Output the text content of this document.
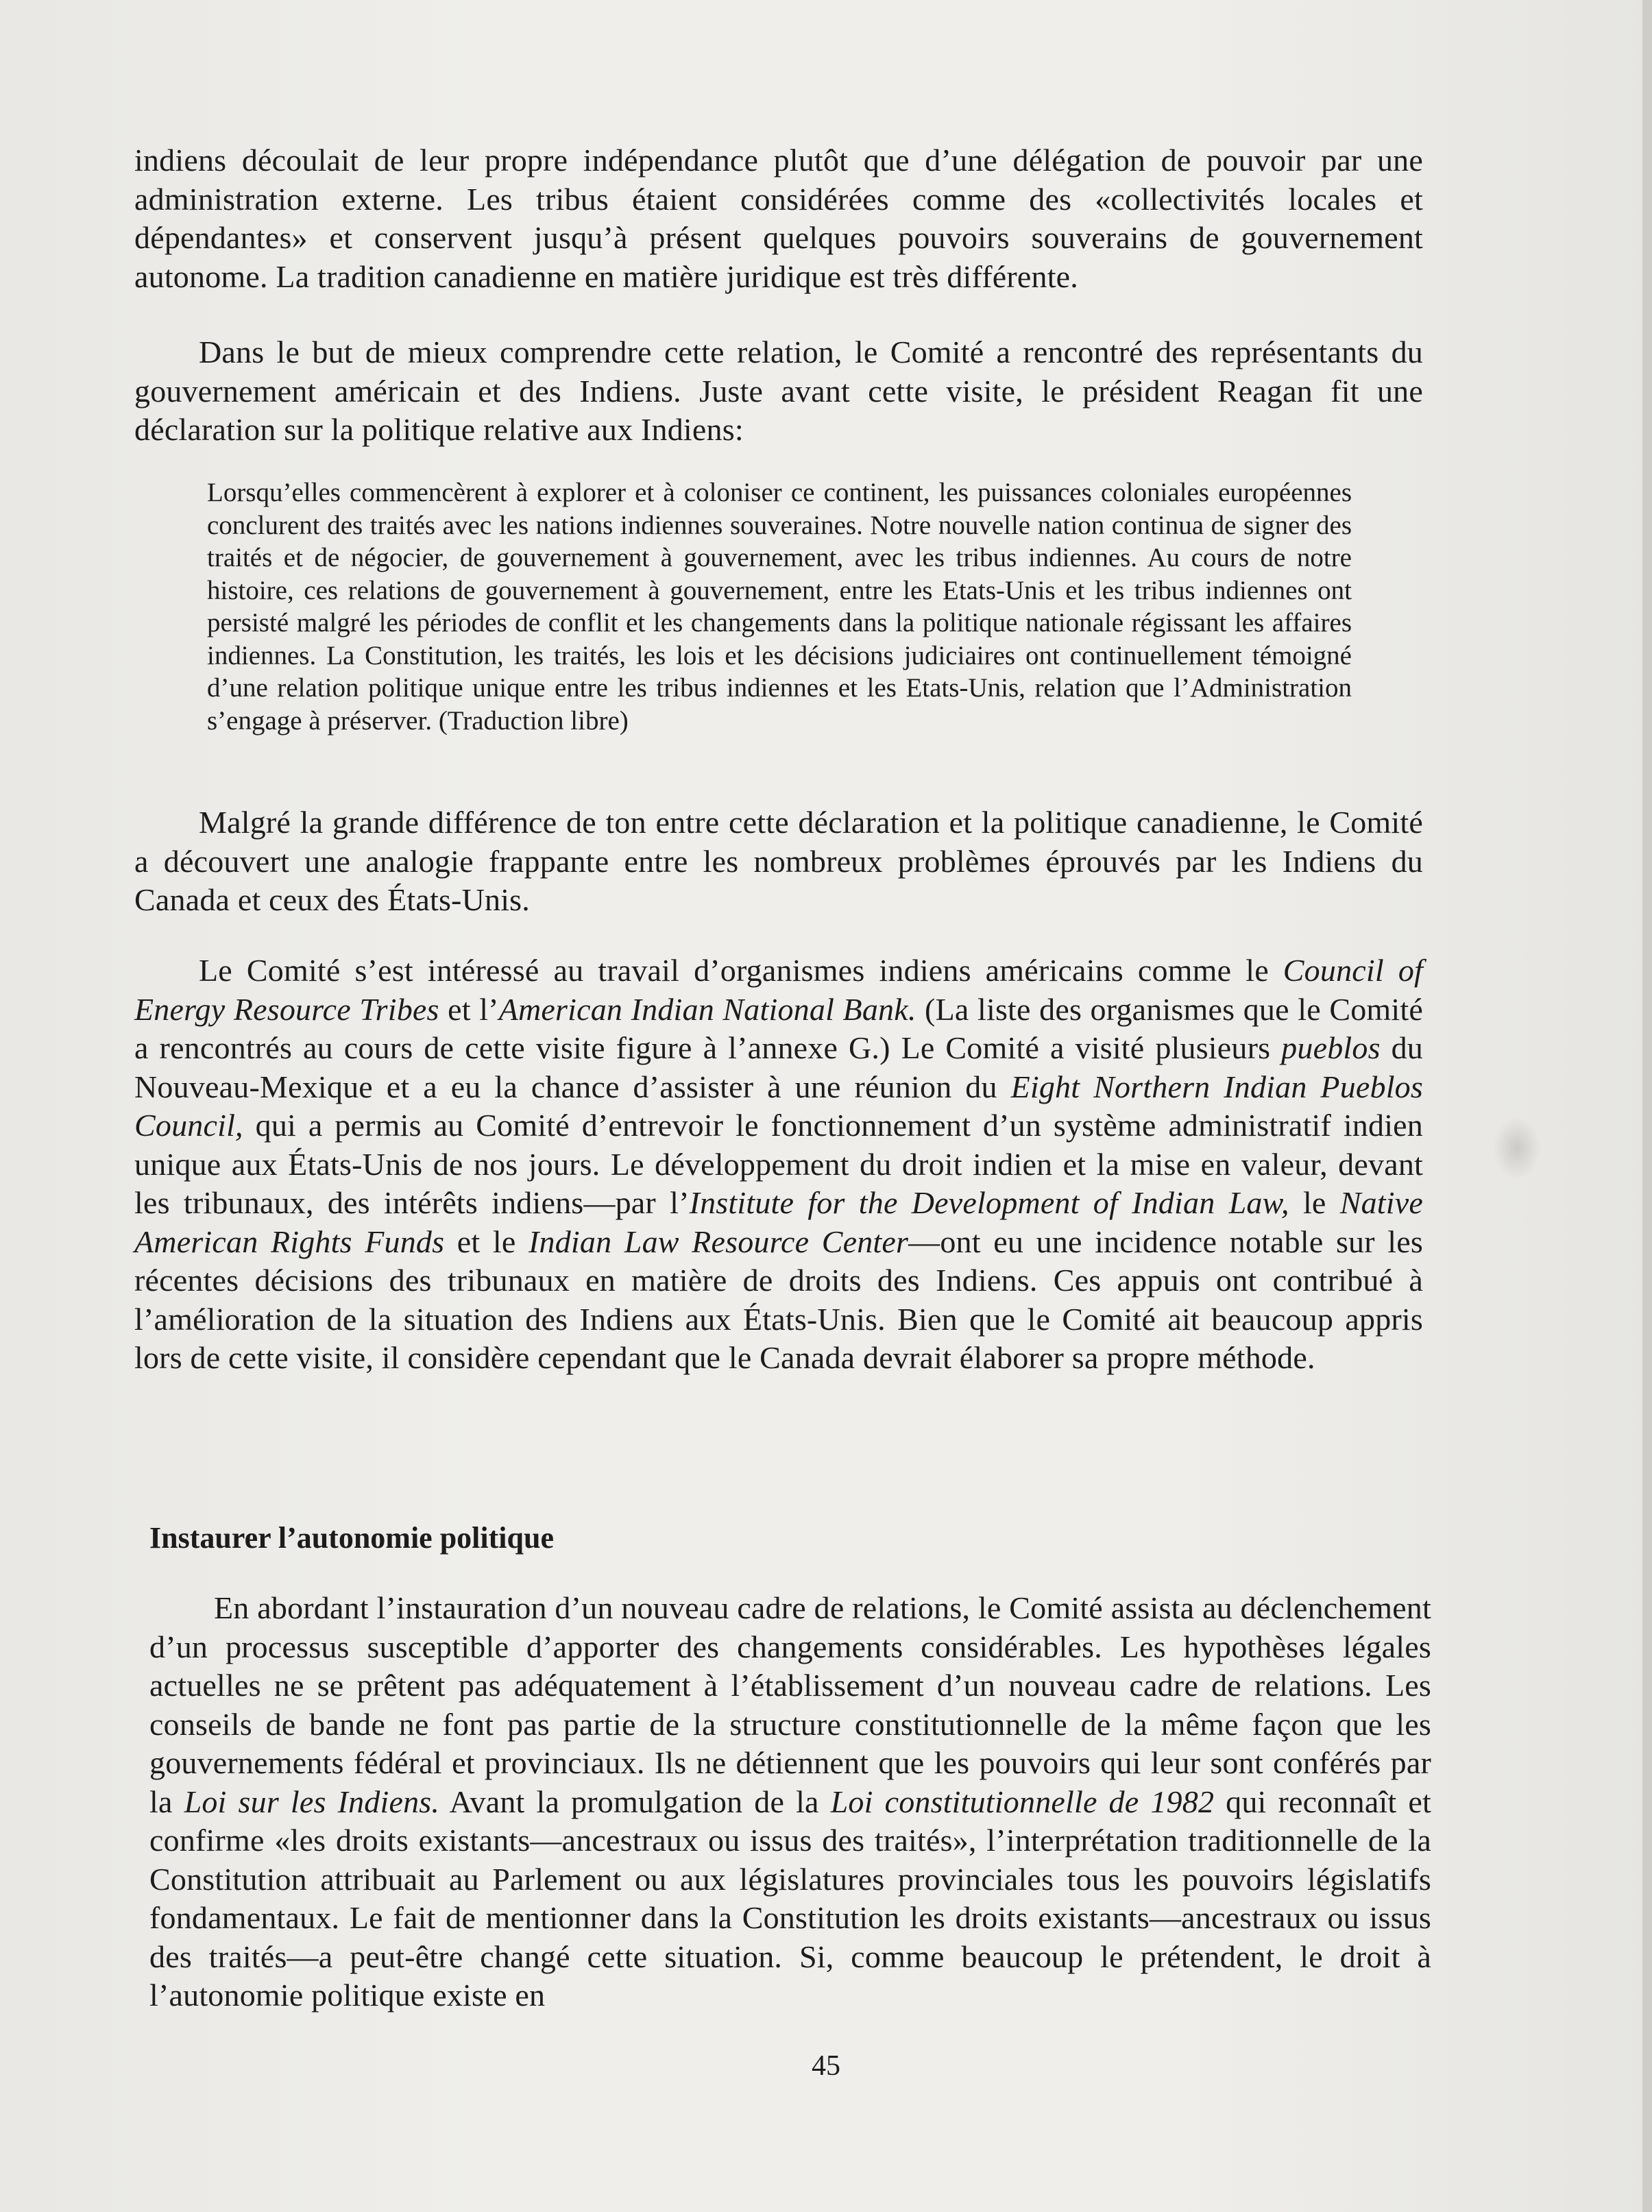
indiens découlait de leur propre indépendance plutôt que d’une délégation de pouvoir par une administration externe. Les tribus étaient considérées comme des «collectivités locales et dépendantes» et conservent jusqu’à présent quelques pouvoirs souverains de gouvernement autonome. La tradition canadienne en matière juridique est très différente.

Dans le but de mieux comprendre cette relation, le Comité a rencontré des représentants du gouvernement américain et des Indiens. Juste avant cette visite, le président Reagan fit une déclaration sur la politique relative aux Indiens:

Lorsqu’elles commencèrent à explorer et à coloniser ce continent, les puissances coloniales européennes conclurent des traités avec les nations indiennes souveraines. Notre nouvelle nation continua de signer des traités et de négocier, de gouvernement à gouvernement, avec les tribus indiennes. Au cours de notre histoire, ces relations de gouvernement à gouvernement, entre les Etats-Unis et les tribus indiennes ont persisté malgré les périodes de conflit et les changements dans la politique nationale régissant les affaires indiennes. La Constitution, les traités, les lois et les décisions judiciaires ont continuellement témoigné d’une relation politique unique entre les tribus indiennes et les Etats-Unis, relation que l’Administration s’engage à préserver. (Traduction libre)

Malgré la grande différence de ton entre cette déclaration et la politique canadienne, le Comité a découvert une analogie frappante entre les nombreux problèmes éprouvés par les Indiens du Canada et ceux des États-Unis.

Le Comité s’est intéressé au travail d’organismes indiens américains comme le Council of Energy Resource Tribes et l’American Indian National Bank. (La liste des organismes que le Comité a rencontrés au cours de cette visite figure à l’annexe G.) Le Comité a visité plusieurs pueblos du Nouveau-Mexique et a eu la chance d’assister à une réunion du Eight Northern Indian Pueblos Council, qui a permis au Comité d’entrevoir le fonctionnement d’un système administratif indien unique aux États-Unis de nos jours. Le développement du droit indien et la mise en valeur, devant les tribunaux, des intérêts indiens—par l’Institute for the Development of Indian Law, le Native American Rights Funds et le Indian Law Resource Center—ont eu une incidence notable sur les récentes décisions des tribunaux en matière de droits des Indiens. Ces appuis ont contribué à l’amélioration de la situation des Indiens aux États-Unis. Bien que le Comité ait beaucoup appris lors de cette visite, il considère cependant que le Canada devrait élaborer sa propre méthode.

Instaurer l’autonomie politique

En abordant l’instauration d’un nouveau cadre de relations, le Comité assista au déclenchement d’un processus susceptible d’apporter des changements considérables. Les hypothèses légales actuelles ne se prêtent pas adéquatement à l’établissement d’un nouveau cadre de relations. Les conseils de bande ne font pas partie de la structure constitutionnelle de la même façon que les gouvernements fédéral et provinciaux. Ils ne détiennent que les pouvoirs qui leur sont conférés par la Loi sur les Indiens. Avant la promulgation de la Loi constitutionnelle de 1982 qui reconnaît et confirme «les droits existants—ancestraux ou issus des traités», l’interprétation traditionnelle de la Constitution attribuait au Parlement ou aux législatures provinciales tous les pouvoirs législatifs fondamentaux. Le fait de mentionner dans la Constitution les droits existants—ancestraux ou issus des traités—a peut-être changé cette situation. Si, comme beaucoup le prétendent, le droit à l’autonomie politique existe en

45
